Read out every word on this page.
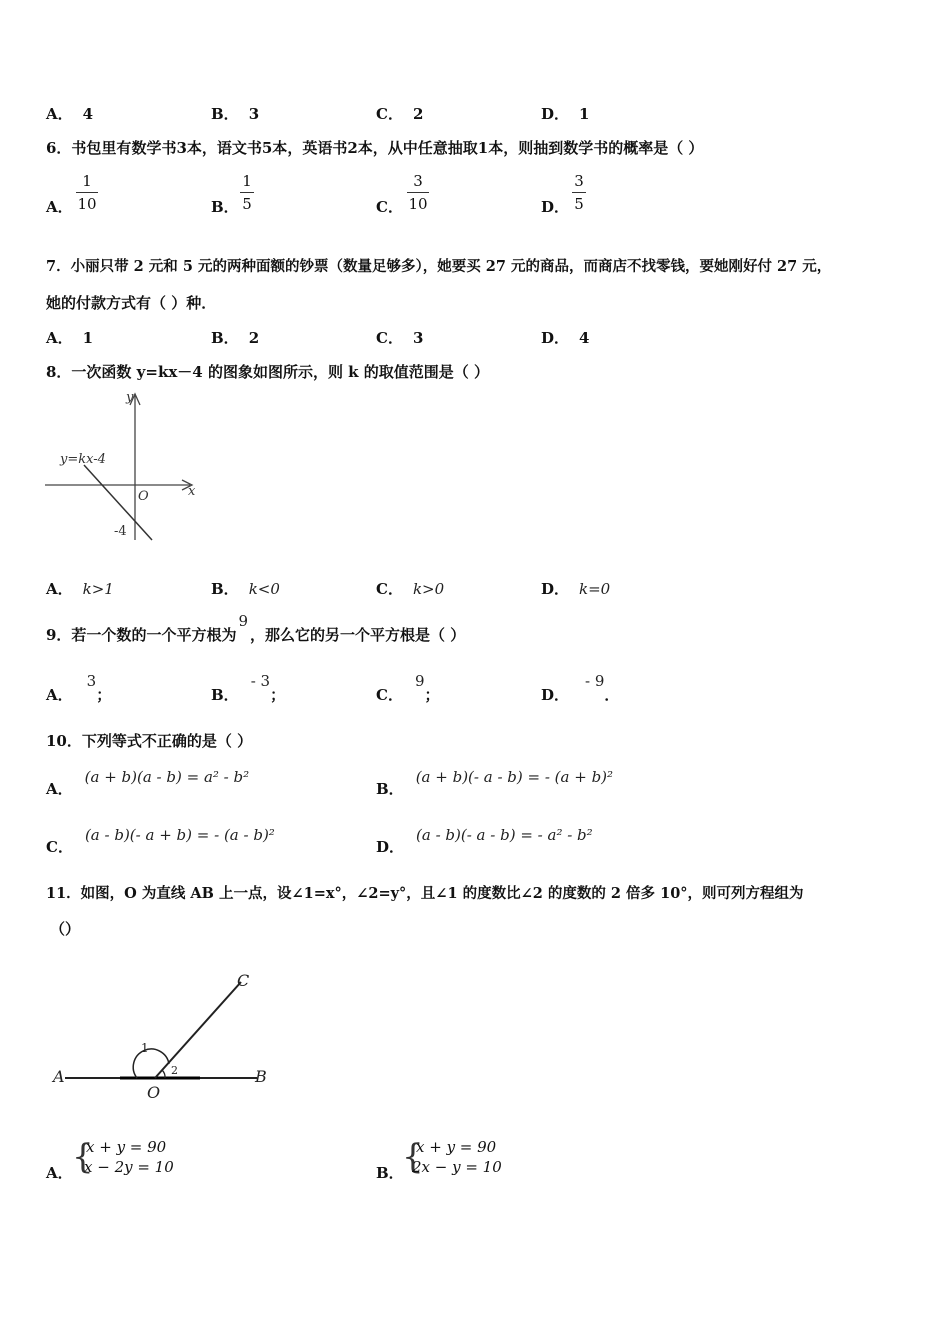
A． 4	B． 3	C． 2	D． 1
6．书包里有数学书3本，语文书5本，英语书2本，从中任意抽取1本，则抽到数学书的概率是（ ）
A．
1
10	B．
1
5	C．
3
10	D．
3
5
7．小丽只带 2 元和 5 元的两种面额的钞票（数量足够多），她要买 27 元的商品，而商店不找零钱，要她刚好付 27 元，
她的付款方式有（ ）种．
A． 1	B． 2	C． 3	D． 4
8．一次函数 y=kx－4 的图象如图所示，则 k 的取值范围是（ ）
y
x
O
y=kx-4
-4
A． k>1	B． k<0	C． k>0	D． k=0
9．若一个数的一个平方根为9，那么它的另一个平方根是（ ）
A．3；	B．- 3；	C．9；	D．- 9．
10．下列等式不正确的是（ ）
A．(a + b)(a - b) = a² - b²
B．(a + b)(- a - b) = - (a + b)²
C．(a - b)(- a + b) = - (a - b)²
D．(a - b)(- a - b) = - a² - b²
11．如图，O 为直线 AB 上一点，设∠1=x°，∠2=y°，且∠1 的度数比∠2 的度数的 2 倍多 10°，则可列方程组为
（）
A	B
C
O
1
2
A． {
x + y = 90
x − 2y = 10	B．
{
x + y = 90
2x − y = 10
